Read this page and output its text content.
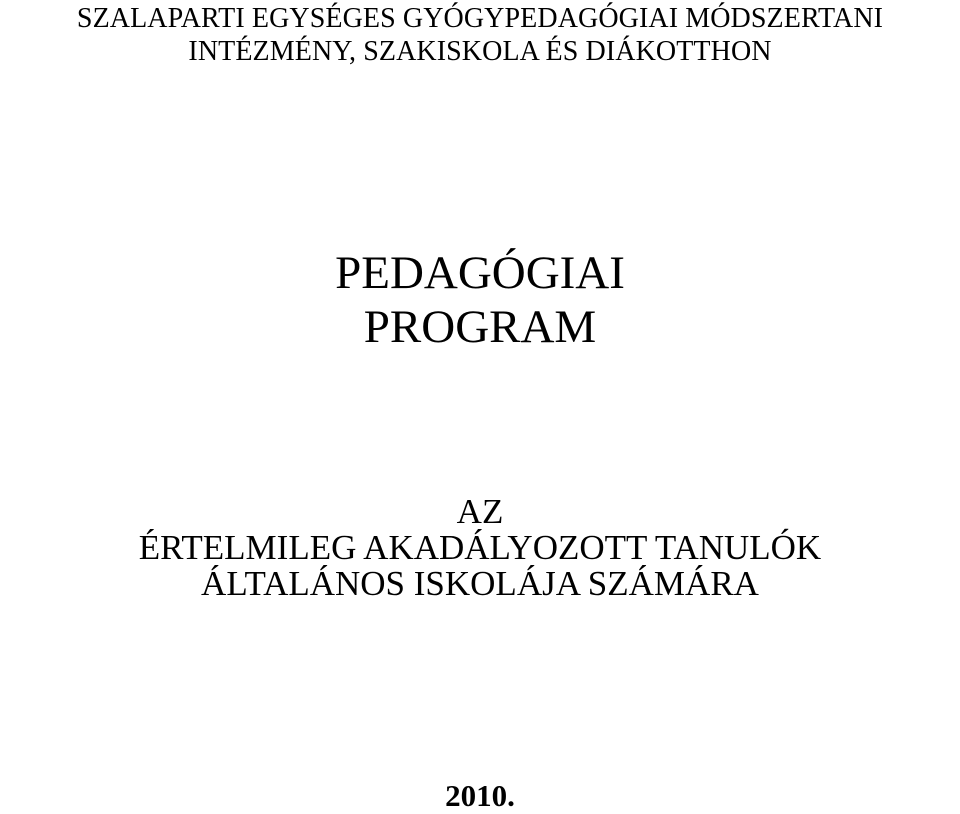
SZALAPARTI EGYSÉGES GYÓGYPEDAGÓGIAI MÓDSZERTANI
INTÉZMÉNY, SZAKISKOLA ÉS DIÁKOTTHON
PEDAGÓGIAI
PROGRAM
AZ
ÉRTELMILEG AKADÁLYOZOTT TANULÓK
ÁLTALÁNOS ISKOLÁJA SZÁMÁRA
2010.
